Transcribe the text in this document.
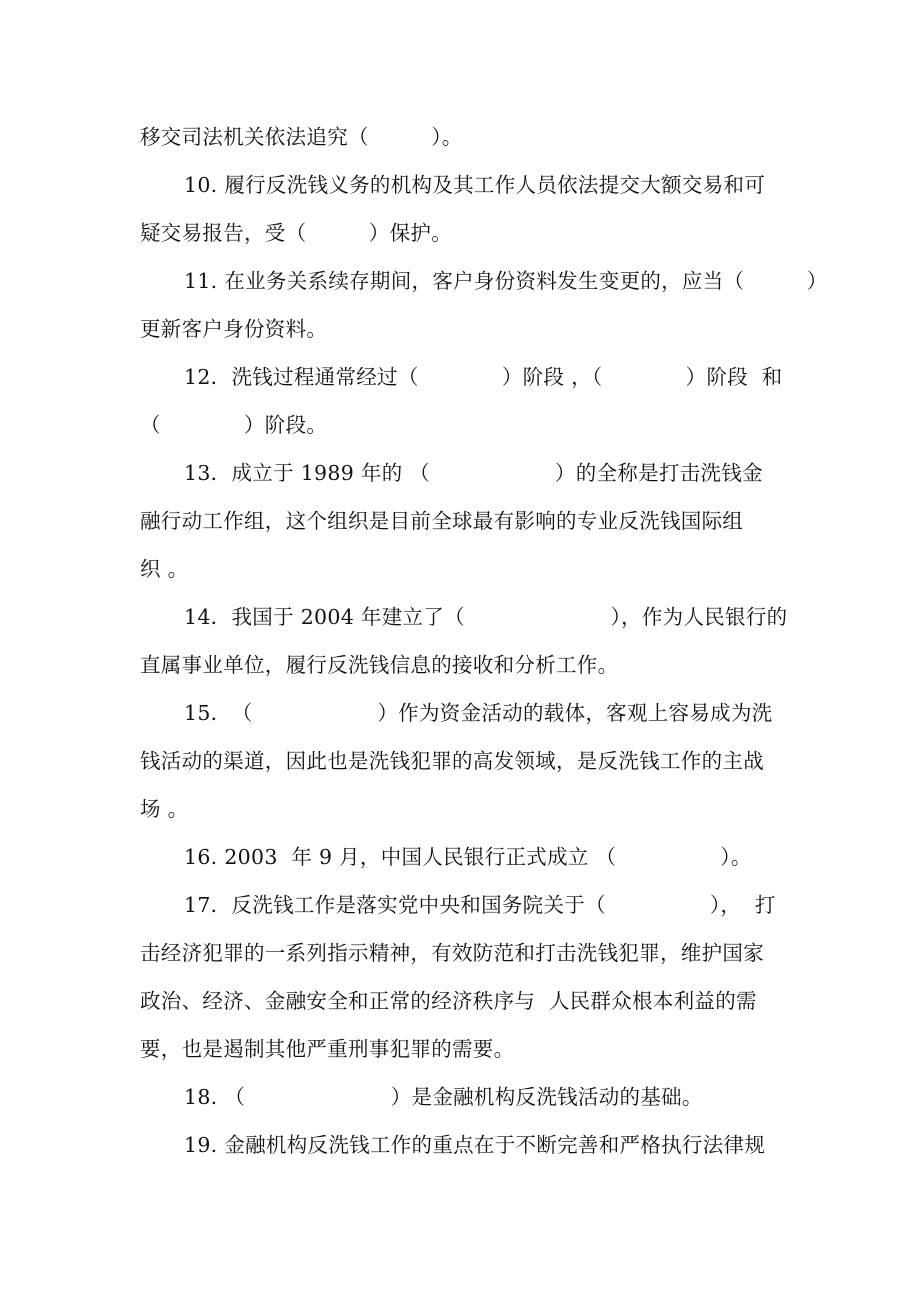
移交司法机关依法追究（　　　）。
10. 履行反洗钱义务的机构及其工作人员依法提交大额交易和可
疑交易报告，受（　　　）保护。
11. 在业务关系续存期间，客户身份资料发生变更的，应当（　　　）
更新客户身份资料。
12．洗钱过程通常经过（　　　　）阶段 ，（　　　　）阶段  和
（　　　　）阶段。
13．成立于 1989 年的 （　　　　　　）的全称是打击洗钱金
融行动工作组，这个组织是目前全球最有影响的专业反洗钱国际组
织 。
14．我国于 2004 年建立了（　　　　　　　），作为人民银行的
直属事业单位，履行反洗钱信息的接收和分析工作。
15．　（　　　　　　）作为资金活动的载体，客观上容易成为洗
钱活动的渠道，因此也是洗钱犯罪的高发领域，是反洗钱工作的主战
场 。
16. 2003  年 9 月，中国人民银行正式成立 （　　　　　）。
17．反洗钱工作是落实党中央和国务院关于（　　　　　），  打
击经济犯罪的一系列指示精神，有效防范和打击洗钱犯罪，维护国家
政治、经济、金融安全和正常的经济秩序与  人民群众根本利益的需
要，也是遏制其他严重刑事犯罪的需要。
18. （　　　　　　　）是金融机构反洗钱活动的基础。
19. 金融机构反洗钱工作的重点在于不断完善和严格执行法律规
